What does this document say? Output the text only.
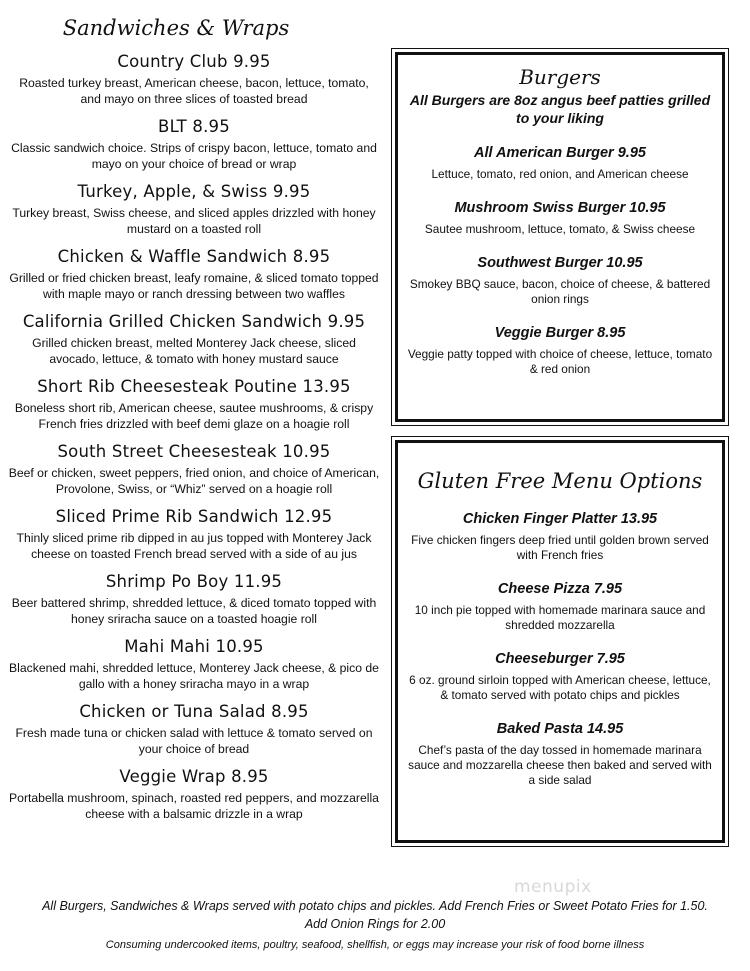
Sandwiches & Wraps
Country Club 9.95
Roasted turkey breast, American cheese, bacon, lettuce, tomato, and mayo on three slices of toasted bread
BLT 8.95
Classic sandwich choice. Strips of crispy bacon, lettuce, tomato and mayo on your choice of bread or wrap
Turkey, Apple, & Swiss 9.95
Turkey breast, Swiss cheese, and sliced apples drizzled with honey mustard on a toasted roll
Chicken & Waffle Sandwich 8.95
Grilled or fried chicken breast, leafy romaine, & sliced tomato topped with maple mayo or ranch dressing between two waffles
California Grilled Chicken Sandwich 9.95
Grilled chicken breast, melted Monterey Jack cheese, sliced avocado, lettuce, & tomato with honey mustard sauce
Short Rib Cheesesteak Poutine 13.95
Boneless short rib, American cheese, sautee mushrooms, & crispy French fries drizzled with beef demi glaze on a hoagie roll
South Street Cheesesteak 10.95
Beef or chicken, sweet peppers, fried onion, and choice of American, Provolone, Swiss, or “Whiz” served on a hoagie roll
Sliced Prime Rib Sandwich 12.95
Thinly sliced prime rib dipped in au jus topped with Monterey Jack cheese on toasted French bread served with a side of au jus
Shrimp Po Boy 11.95
Beer battered shrimp, shredded lettuce, & diced tomato topped with honey sriracha sauce on a toasted hoagie roll
Mahi Mahi 10.95
Blackened mahi, shredded lettuce, Monterey Jack cheese, & pico de gallo with a honey sriracha mayo in a wrap
Chicken or Tuna Salad 8.95
Fresh made tuna or chicken salad with lettuce & tomato served on your choice of bread
Veggie Wrap 8.95
Portabella mushroom, spinach, roasted red peppers, and mozzarella cheese with a balsamic drizzle in a wrap
Burgers
All Burgers are 8oz angus beef patties grilled to your liking
All American Burger 9.95
Lettuce, tomato, red onion, and American cheese
Mushroom Swiss Burger 10.95
Sautee mushroom, lettuce, tomato, & Swiss cheese
Southwest Burger 10.95
Smokey BBQ sauce, bacon, choice of cheese, & battered onion rings
Veggie Burger 8.95
Veggie patty topped with choice of cheese, lettuce, tomato & red onion
Gluten Free Menu Options
Chicken Finger Platter 13.95
Five chicken fingers deep fried until golden brown served with French fries
Cheese Pizza 7.95
10 inch pie topped with homemade marinara sauce and shredded mozzarella
Cheeseburger 7.95
6 oz. ground sirloin topped with American cheese, lettuce, & tomato served with potato chips and pickles
Baked Pasta 14.95
Chef’s pasta of the day tossed in homemade marinara sauce and mozzarella cheese then baked and served with a side salad
menupix
All Burgers, Sandwiches & Wraps served with potato chips and pickles. Add French Fries or Sweet Potato Fries for 1.50.
Add Onion Rings for 2.00
Consuming undercooked items, poultry, seafood, shellfish, or eggs may increase your risk of food borne illness
